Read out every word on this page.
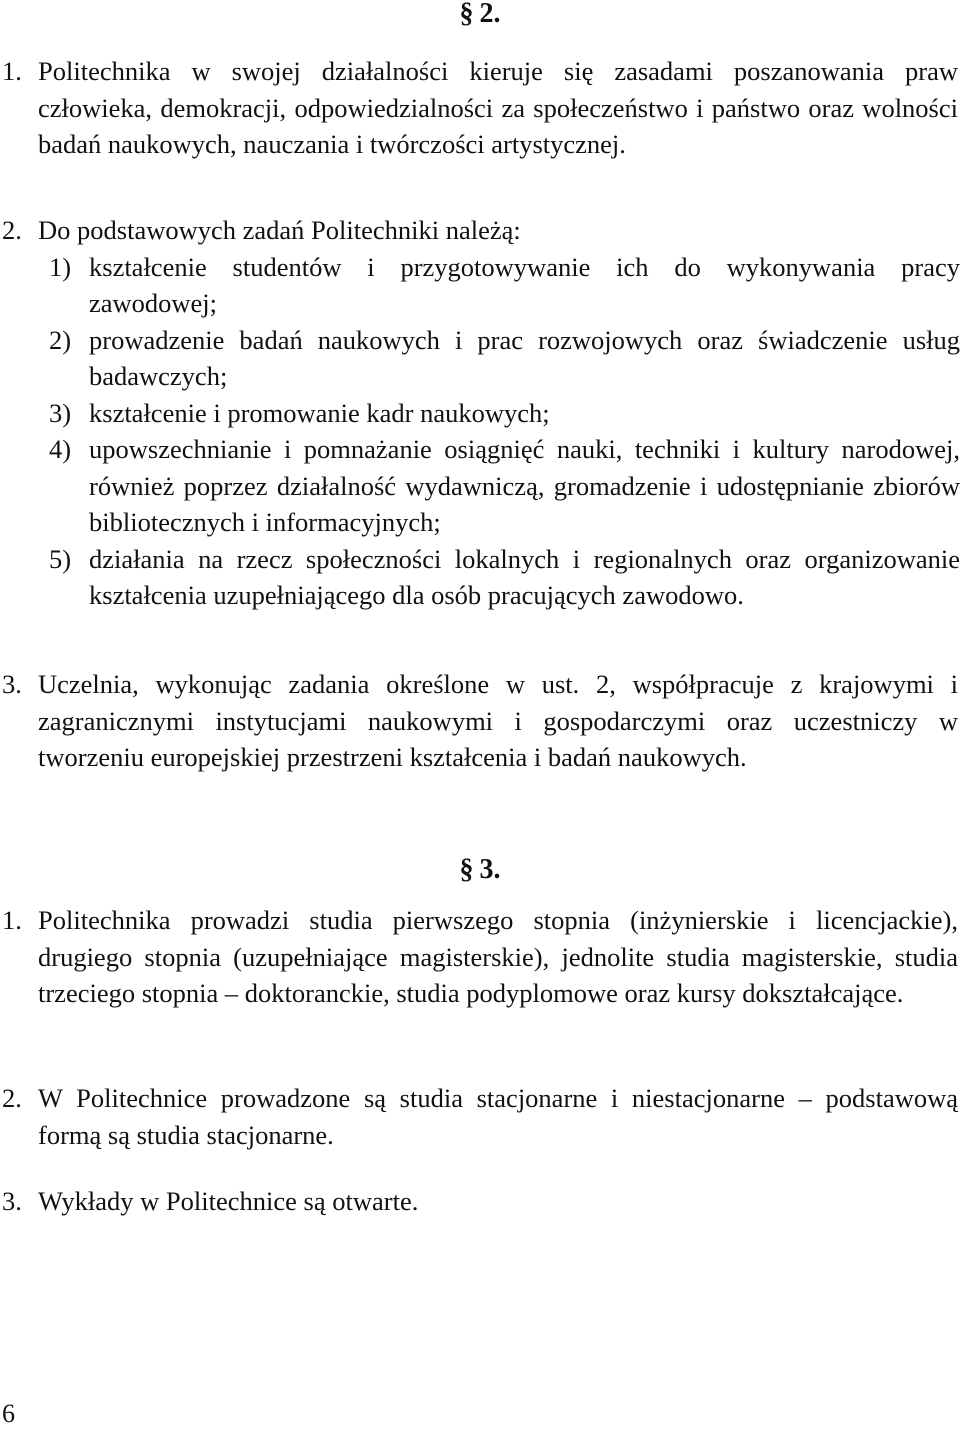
§ 2.
1. Politechnika w swojej działalności kieruje się zasadami poszanowania praw człowieka, demokracji, odpowiedzialności za społeczeństwo i państwo oraz wolności badań naukowych, nauczania i twórczości artystycznej.
2. Do podstawowych zadań Politechniki należą:
1) kształcenie studentów i przygotowywanie ich do wykonywania pracy zawodowej;
2) prowadzenie badań naukowych i prac rozwojowych oraz świadczenie usług badawczych;
3) kształcenie i promowanie kadr naukowych;
4) upowszechnianie i pomnażanie osiągnięć nauki, techniki i kultury narodowej, również poprzez działalność wydawniczą, gromadzenie i udostępnianie zbiorów bibliotecznych i informacyjnych;
5) działania na rzecz społeczności lokalnych i regionalnych oraz organizowanie kształcenia uzupełniającego dla osób pracujących zawodowo.
3. Uczelnia, wykonując zadania określone w ust. 2, współpracuje z krajowymi i zagranicznymi instytucjami naukowymi i gospodarczymi oraz uczestniczy w tworzeniu europejskiej przestrzeni kształcenia i badań naukowych.
§ 3.
1. Politechnika prowadzi studia pierwszego stopnia (inżynierskie i licencjackie), drugiego stopnia (uzupełniające magisterskie), jednolite studia magisterskie, studia trzeciego stopnia – doktoranckie, studia podyplomowe oraz kursy dokształcające.
2. W Politechnice prowadzone są studia stacjonarne i niestacjonarne – podstawową formą są studia stacjonarne.
3. Wykłady w Politechnice są otwarte.
6
